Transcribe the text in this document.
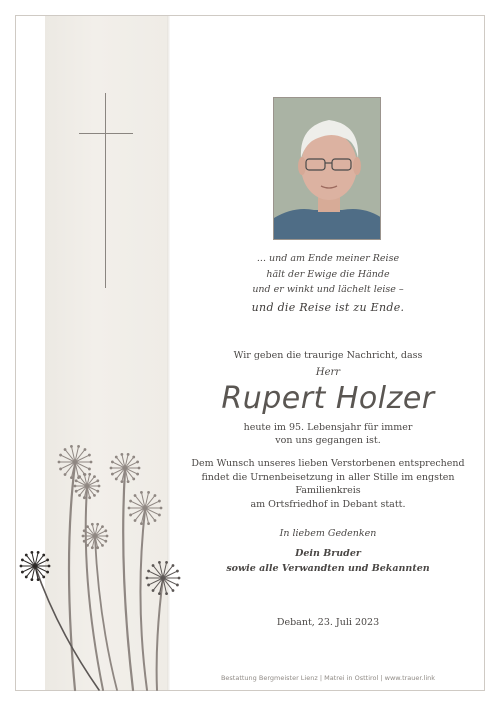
... und am Ende meiner Reise
hält der Ewige die Hände
und er winkt und lächelt leise –

und die Reise ist zu Ende.

Wir geben die traurige Nachricht, dass

Herr

Rupert Holzer

heute im 95. Lebensjahr für immer
von uns gegangen ist.

Dem Wunsch unseres lieben Verstorbenen entsprechend
findet die Urnenbeisetzung in aller Stille im engsten Familienkreis
am Ortsfriedhof in Debant statt.

In liebem Gedenken

Dein Bruder
sowie alle Verwandten und Bekannten

Debant, 23. Juli 2023

Bestattung Bergmeister Lienz | Matrei in Osttirol | www.trauer.link
